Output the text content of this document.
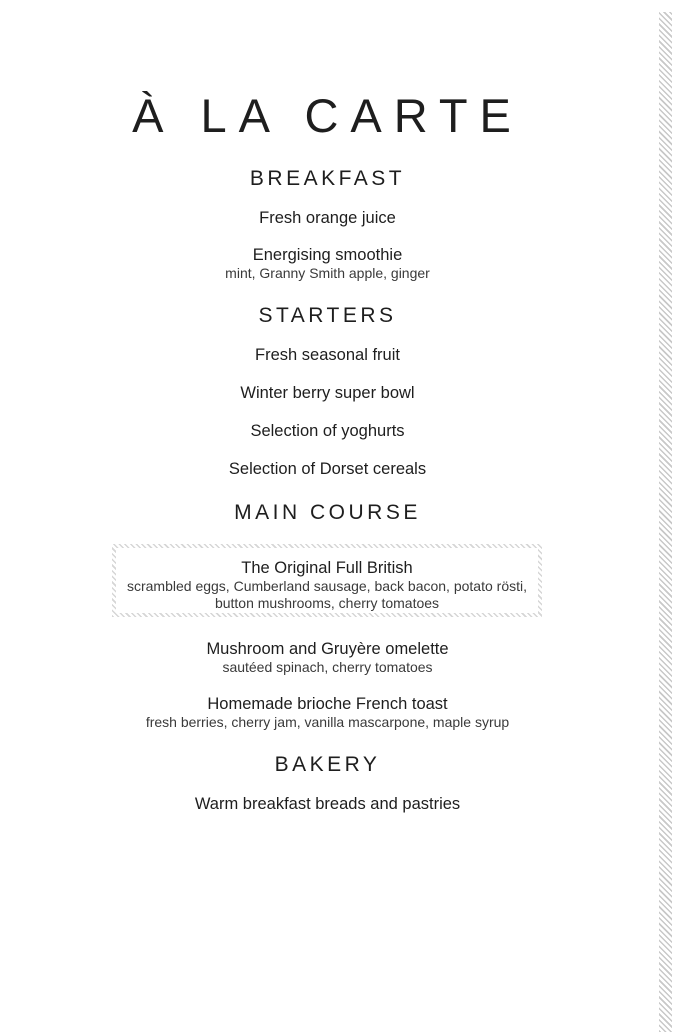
À LA CARTE
BREAKFAST
Fresh orange juice
Energising smoothie
mint, Granny Smith apple, ginger
STARTERS
Fresh seasonal fruit
Winter berry super bowl
Selection of yoghurts
Selection of Dorset cereals
MAIN COURSE
The Original Full British
scrambled eggs, Cumberland sausage, back bacon, potato rösti,
button mushrooms, cherry tomatoes
Mushroom and Gruyère omelette
sautéed spinach, cherry tomatoes
Homemade brioche French toast
fresh berries, cherry jam, vanilla mascarpone, maple syrup
BAKERY
Warm breakfast breads and pastries
